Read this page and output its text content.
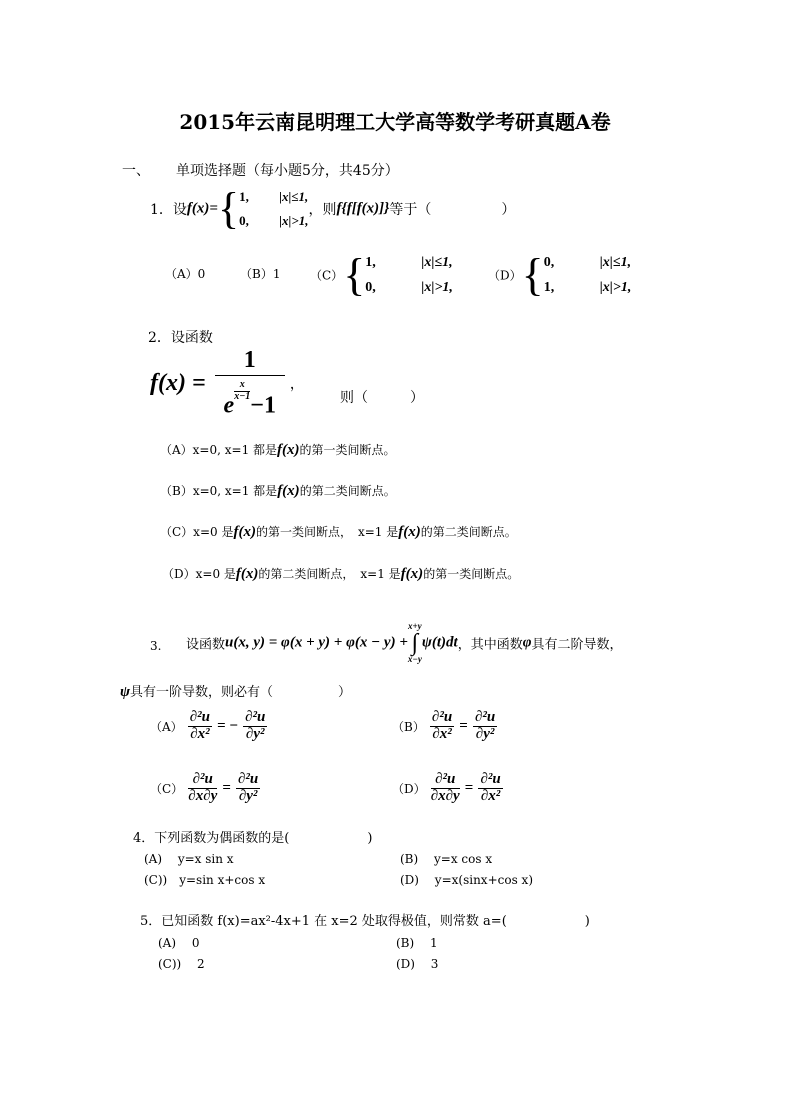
2015年云南昆明理工大学高等数学考研真题A卷
一、 单项选择题（每小题5分，共45分）
1．设f(x)={1, |x|≤1,
0, |x|>1,，则f{f[f(x)]}等于（　　　　　）
（A）0	（B）1 （C）{1,	|x|≤1,
0,	|x|>1,
（D）{0,	|x|≤1,
1,	|x|>1,
2．设函数
f(x) = 1
e
$\frac{x}{x-1}$
−1 ，
则（　　　）
（A）x=0, x=1 都是f(x)的第一类间断点。
（B）x=0, x=1 都是f(x)的第二类间断点。
（C）x=0 是f(x)的第一类间断点，　x=1 是f(x)的第二类间断点。
（D）x=0 是f(x)的第二类间断点，　x=1 是f(x)的第一类间断点。
3. 设函数u(x, y) = φ(x + y) + φ(x − y) +
x+y
∫
x−y
ψ(t)dt，其中函数φ具有二阶导数，
ψ具有一阶导数，则必有（　　　　　）
$(A) \frac{\text{∂²u}}{\text{∂x²}}$ = − $\frac{\text{∂²u}}{\text{∂y²}}$	$(B) \frac{\text{∂²u}}{\text{∂x²}} = \frac{\text{∂²u}}{\text{∂y²}}$
$(C) \frac{\text{∂²u}}{\partial x\partial y} = \frac{\text{∂²u}}{\text{∂y²}}$	$(D) \frac{\text{∂²u}}{\partial x\partial y} = \frac{\text{∂²u}}{\text{∂x²}}$
4．下列函数为偶函数的是(　　　　　　)
(A)　 y=x sin x	(B)　 y=x cos x
(C))　y=sin x+cos x	(D)　 y=x(sinx+cos x)
5．已知函数 f(x)=ax²-4x+1 在 x=2 处取得极值，则常数 a=(　　　　　　)
(A)　 0	(B)　 1
(C))　 2	(D)　 3
